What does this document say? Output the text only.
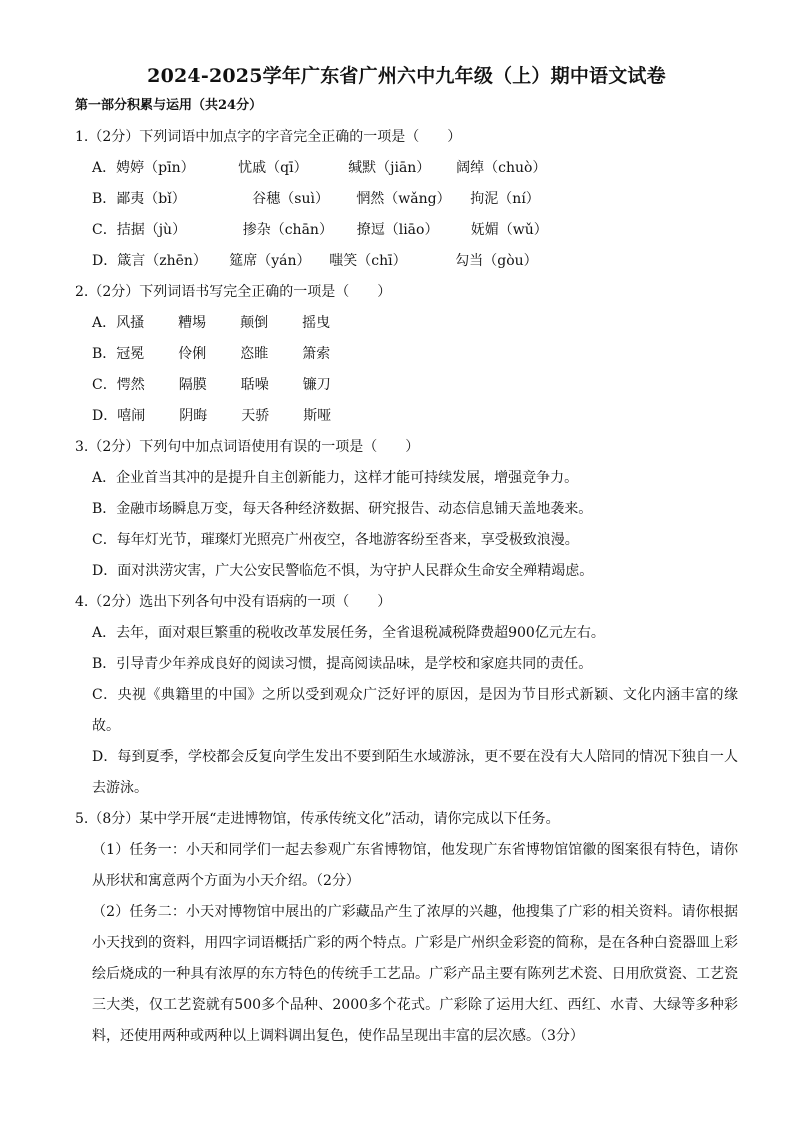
2024-2025学年广东省广州六中九年级（上）期中语文试卷
第一部分积累与运用（共24分）
1.（2分）下列词语中加点字的字音完全正确的一项是（　　）
A．娉婷（pīn）	忧戚（qī）	缄默（jiān） 阔绰（chuò）
B．鄙夷（bǐ）	谷穗（suì） 惘然（wǎng） 拘泥（ní）
C．拮据（jù）	掺杂（chān） 撩逗（liāo） 妩媚（wǔ）
D．箴言（zhēn） 筵席（yán） 嗤笑（chī）	勾当（gòu）
2.（2分）下列词语书写完全正确的一项是（　　）
A．风搔 糟埸 颠倒 摇曳
B．冠冕 伶俐 恣睢 箫索
C．愕然 隔膜 聒噪 镰刀
D．嘻闹 阴晦 天骄 斯哑
3.（2分）下列句中加点词语使用有误的一项是（　　）
A．企业首当其冲的是提升自主创新能力，这样才能可持续发展，增强竞争力。
B．金融市场瞬息万变，每天各种经济数据、研究报告、动态信息铺天盖地袭来。
C．每年灯光节，璀璨灯光照亮广州夜空，各地游客纷至沓来，享受极致浪漫。
D．面对洪涝灾害，广大公安民警临危不惧，为守护人民群众生命安全殚精竭虑。
4.（2分）选出下列各句中没有语病的一项（　　）
A．去年，面对艰巨繁重的税收改革发展任务，全省退税减税降费超900亿元左右。
B．引导青少年养成良好的阅读习惯，提高阅读品味，是学校和家庭共同的责任。
C．央视《典籍里的中国》之所以受到观众广泛好评的原因，是因为节目形式新颖、文化内涵丰富的缘故。
D．每到夏季，学校都会反复向学生发出不要到陌生水域游泳，更不要在没有大人陪同的情况下独自一人去游泳。
5.（8分）某中学开展“走进博物馆，传承传统文化”活动，请你完成以下任务。
（1）任务一：小天和同学们一起去参观广东省博物馆，他发现广东省博物馆馆徽的图案很有特色，请你从形状和寓意两个方面为小天介绍。（2分）
（2）任务二：小天对博物馆中展出的广彩藏品产生了浓厚的兴趣，他搜集了广彩的相关资料。请你根据小天找到的资料，用四字词语概括广彩的两个特点。广彩是广州织金彩瓷的简称，是在各种白瓷器皿上彩绘后烧成的一种具有浓厚的东方特色的传统手工艺品。广彩产品主要有陈列艺术瓷、日用欣赏瓷、工艺瓷三大类，仅工艺瓷就有500多个品种、2000多个花式。广彩除了运用大红、西红、水青、大绿等多种彩料，还使用两种或两种以上调料调出复色，使作品呈现出丰富的层次感。（3分）
